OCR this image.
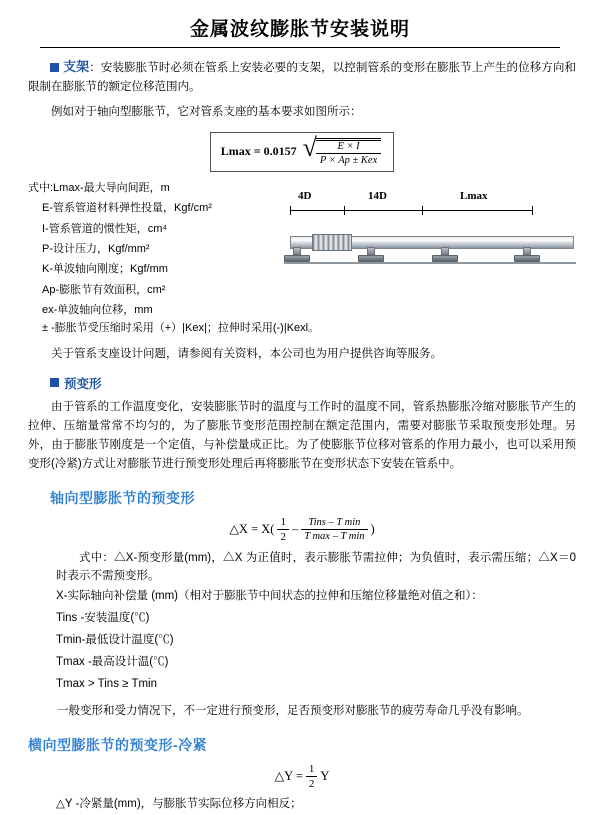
金属波纹膨胀节安装说明
支架：安装膨胀节时必须在管系上安装必要的支架，以控制管系的变形在膨胀节上产生的位移方向和限制在膨胀节的额定位移范围内。

例如对于轴向型膨胀节，它对管系支座的基本要求如图所示：

Lmax = 0.0157 √ $\frac{E \times I}{\text{P × Ap ± Kex}}$
式中:Lmax-最大导向间距，m
E-管系管道材料弹性投量，Kgf/cm²
I-管系管道的惯性矩，cm⁴
P-设计压力，Kgf/mm²
K-单波轴向刚度；Kgf/mm
Ap-膨胀节有效面积，cm²
ex-单波轴向位移，mm
4D	14D	Lmax
± -膨胀节受压缩时采用（+）|Kex|；拉伸时采用(-)|Kexl。

关于管系支座设计问题，请参阅有关资料，本公司也为用户提供咨询等服务。

预变形

由于管系的工作温度变化，安装膨胀节时的温度与工作时的温度不同，管系热膨胀冷缩对膨胀节产生的拉伸、压缩量常常不均匀的，为了膨胀节变形范围控制在额定范围内，需要对膨胀节采取预变形处理。另外，由于膨胀节刚度是一个定值，与补偿量成正比。为了使膨胀节位移对管系的作用力最小，也可以采用预变形(冷紧)方式让对膨胀节进行预变形处理后再将膨胀节在变形状态下安装在管系中。

轴向型膨胀节的预变形
△X = $X( \frac{1}{2} - \frac{\text{Tins – T min}}{\text{T max – T min}}$ )

式中：△X-预变形量(mm)，△X 为正值时，表示膨胀节需拉伸；为负值时，表示需压缩；△X＝0时表示不需预变形。

X-实际轴向补偿量 (mm)（相对于膨胀节中间状态的拉伸和压缩位移量绝对值之和）：
Tins -安装温度(℃)
Tmin-最低设计温度(℃)
Tmax -最高设计温(℃)
Tmax > Tins ≥ Tmin

一般变形和受力情况下，不一定进行预变形，足否预变形对膨胀节的疲劳寿命几乎没有影响。

横向型膨胀节的预变形-冷紧
△Y = $\frac{1}{2}$ Y
△Y -冷紧量(mm)，与膨胀节实际位移方向相反；
